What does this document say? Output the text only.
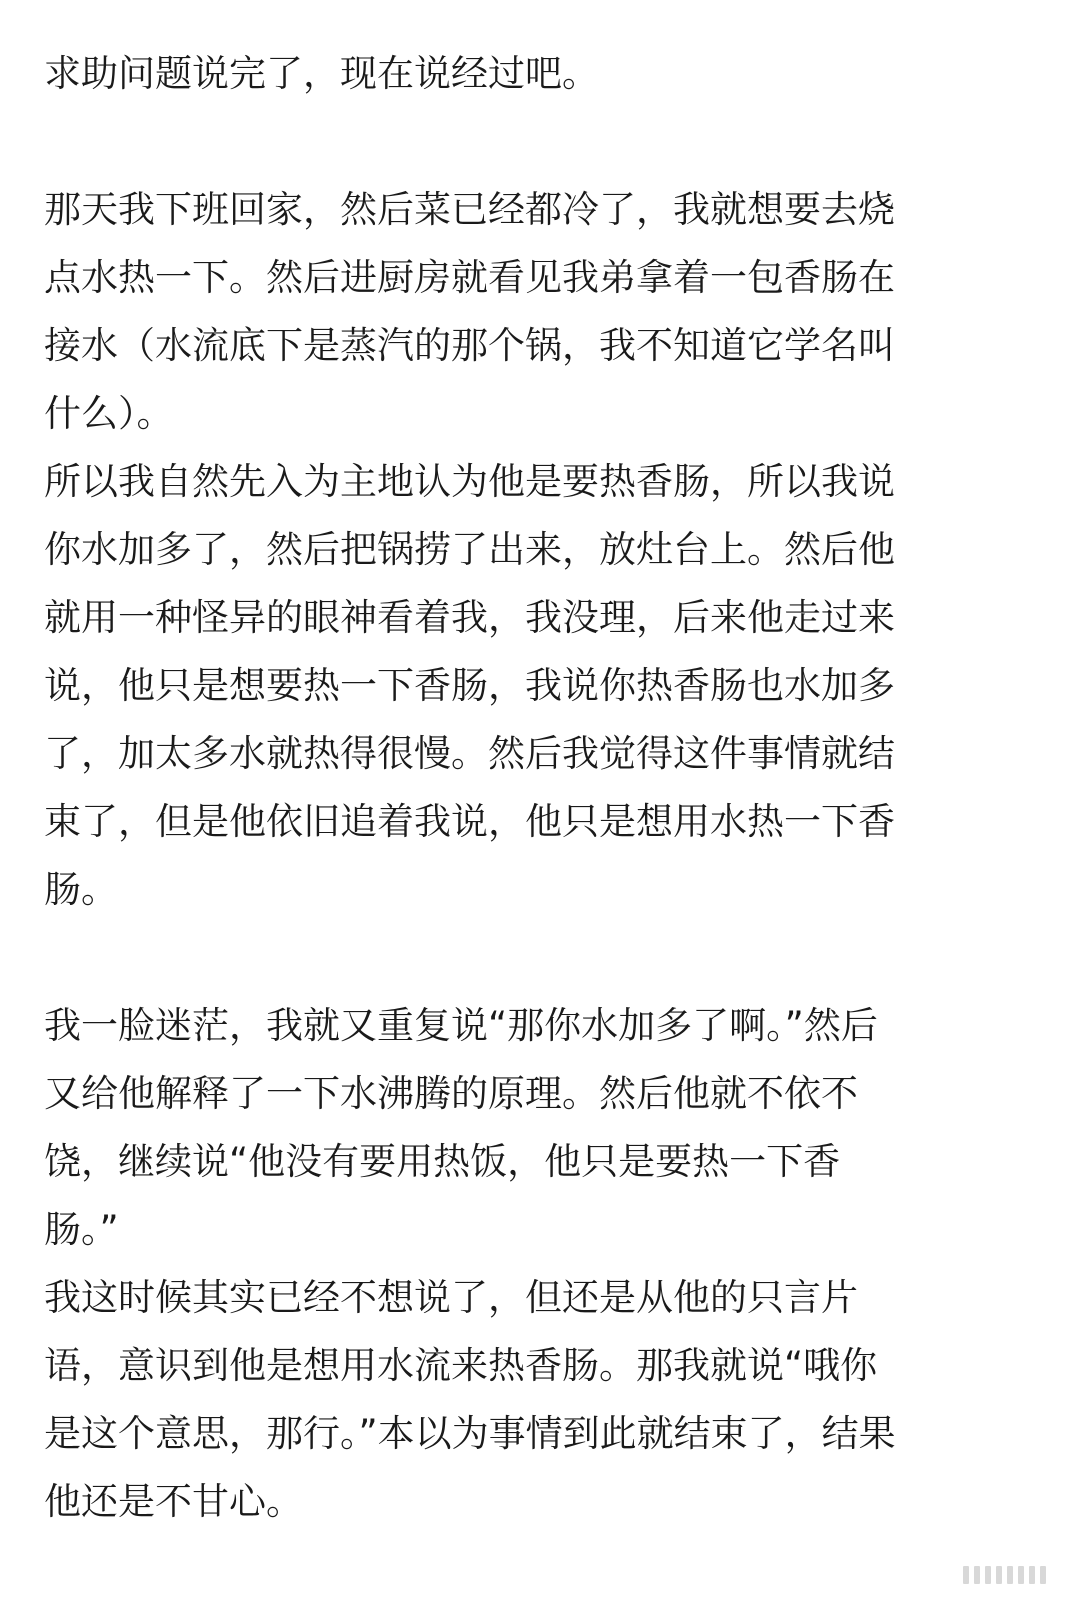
求助问题说完了，现在说经过吧。
那天我下班回家，然后菜已经都冷了，我就想要去烧
点水热一下。然后进厨房就看见我弟拿着一包香肠在
接水（水流底下是蒸汽的那个锅，我不知道它学名叫
什么）。
所以我自然先入为主地认为他是要热香肠，所以我说
你水加多了，然后把锅捞了出来，放灶台上。然后他
就用一种怪异的眼神看着我，我没理，后来他走过来
说，他只是想要热一下香肠，我说你热香肠也水加多
了，加太多水就热得很慢。然后我觉得这件事情就结
束了，但是他依旧追着我说，他只是想用水热一下香
肠。
我一脸迷茫，我就又重复说“那你水加多了啊。”然后
又给他解释了一下水沸腾的原理。然后他就不依不
饶，继续说“他没有要用热饭，他只是要热一下香
肠。”
我这时候其实已经不想说了，但还是从他的只言片
语，意识到他是想用水流来热香肠。那我就说“哦你
是这个意思，那行。”本以为事情到此就结束了，结果
他还是不甘心。
